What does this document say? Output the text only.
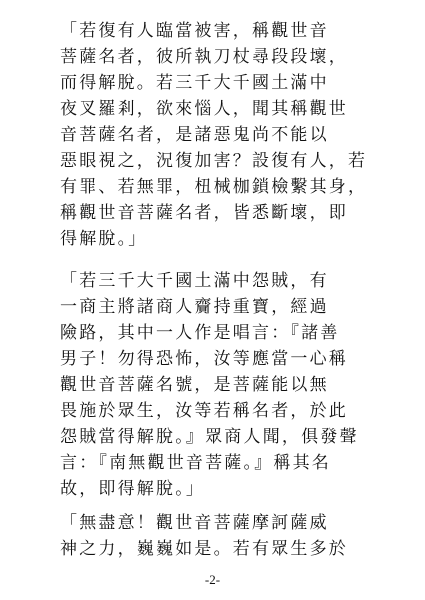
「若復有人臨當被害，稱觀世音
菩薩名者，彼所執刀杖尋段段壞，
而得解脫。若三千大千國土滿中
夜叉羅剎，欲來惱人，聞其稱觀世
音菩薩名者，是諸惡鬼尚不能以
惡眼視之，況復加害？設復有人，若
有罪、若無罪，杻械枷鎖檢繫其身，
稱觀世音菩薩名者，皆悉斷壞，即
得解脫。」
「若三千大千國土滿中怨賊，有
一商主將諸商人齎持重寶，經過
險路，其中一人作是唱言：『諸善
男子！勿得恐怖，汝等應當一心稱
觀世音菩薩名號，是菩薩能以無
畏施於眾生，汝等若稱名者，於此
怨賊當得解脫。』眾商人聞，俱發聲
言：『南無觀世音菩薩。』稱其名
故，即得解脫。」
「無盡意！觀世音菩薩摩訶薩威
神之力，巍巍如是。若有眾生多於
-2-
